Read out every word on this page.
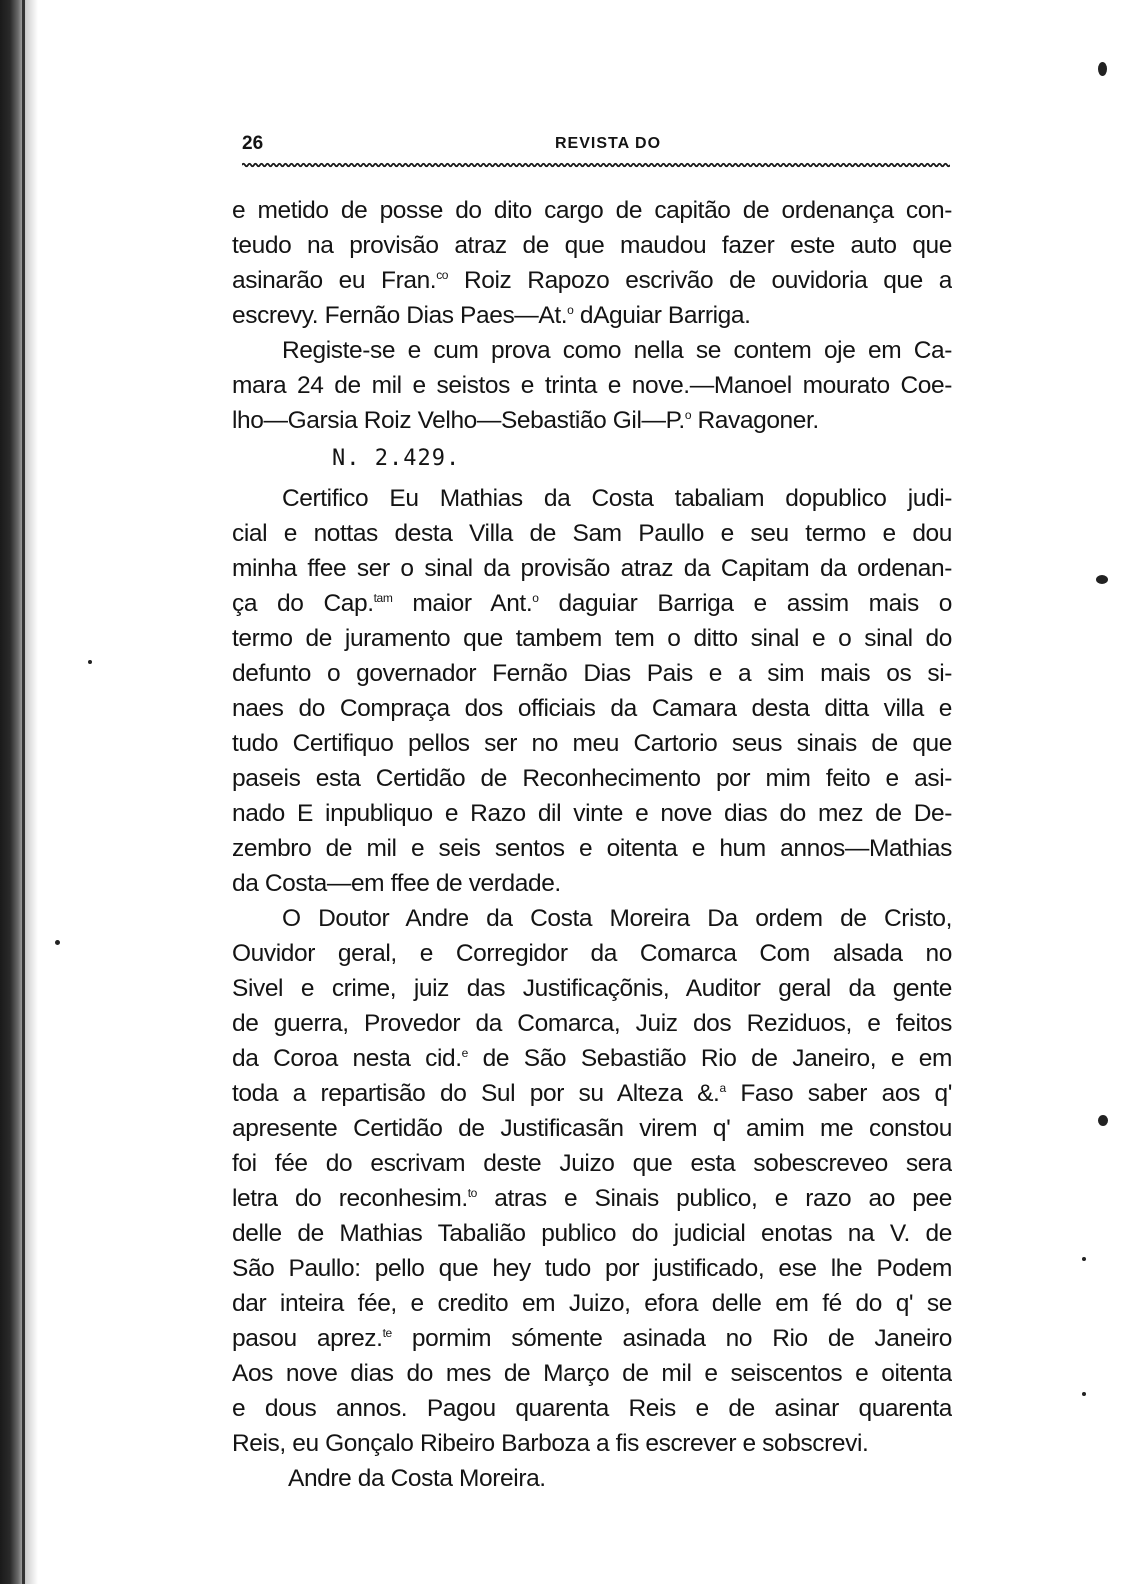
26	REVISTA DO

e metido de posse do dito cargo de capitão de ordenança con-
teudo na provisão atraz de que maudou fazer este auto que
asinarão eu Fran.$^{co}$ Roiz Rapozo escrivão de ouvidoria que a
escrevy. Fernão Dias Paes—At.$^o$ dAguiar Barriga.

Registe-se e cum prova como nella se contem oje em Ca-
mara 24 de mil e seistos e trinta e nove.—Manoel mourato Coe-
lho—Garsia Roiz Velho—Sebastião Gil—P.$^o$ Ravagoner.

N. 2.429.

Certifico Eu Mathias da Costa tabaliam dopublico judi-
cial e nottas desta Villa de Sam Paullo e seu termo e dou
minha ffee ser o sinal da provisão atraz da Capitam da ordenan-
ça do Cap.$^{tam}$ maior Ant.$^o$ daguiar Barriga e assim mais o
termo de juramento que tambem tem o ditto sinal e o sinal do
defunto o governador Fernão Dias Pais e a sim mais os si-
naes do Compraça dos officiais da Camara desta ditta villa e
tudo Certifiquo pellos ser no meu Cartorio seus sinais de que
paseis esta Certidão de Reconhecimento por mim feito e asi-
nado E inpubliquo e Razo dil vinte e nove dias do mez de De-
zembro de mil e seis sentos e oitenta e hum annos—Mathias
da Costa—em ffee de verdade.

O Doutor Andre da Costa Moreira Da ordem de Cristo,
Ouvidor geral, e Corregidor da Comarca Com alsada no
Sivel e crime, juiz das Justificaçõnis, Auditor geral da gente
de guerra, Provedor da Comarca, Juiz dos Reziduos, e feitos
da Coroa nesta cid.$^e$ de São Sebastião Rio de Janeiro, e em
toda a repartisão do Sul por su Alteza &.$^a$ Faso saber aos q'
apresente Certidão de Justificasãn virem q' amim me constou
foi fée do escrivam deste Juizo que esta sobescreveo sera
letra do reconhesim.$^{to}$ atras e Sinais publico, e razo ao pee
delle de Mathias Tabalião publico do judicial enotas na V. de
São Paullo: pello que hey tudo por justificado, ese lhe Podem
dar inteira fée, e credito em Juizo, efora delle em fé do q' se
pasou aprez.$^{te}$ pormim sómente asinada no Rio de Janeiro
Aos nove dias do mes de Março de mil e seiscentos e oitenta
e dous annos. Pagou quarenta Reis e de asinar quarenta
Reis, eu Gonçalo Ribeiro Barboza a fis escrever e sobscrevi.

Andre da Costa Moreira.
